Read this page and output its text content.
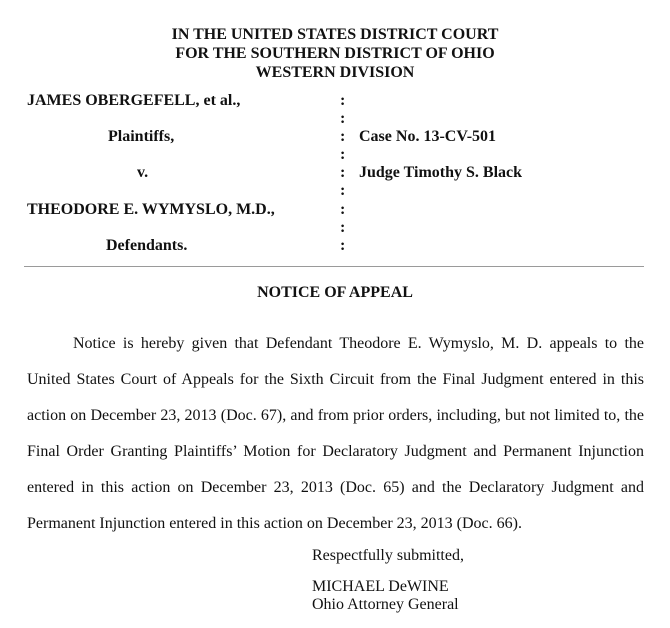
IN THE UNITED STATES DISTRICT COURT
FOR THE SOUTHERN DISTRICT OF OHIO
WESTERN DIVISION
JAMES OBERGEFELL, et al.,
Plaintiffs,
v.
THEODORE E. WYMYSLO, M.D.,
Defendants.
:
:
:
:
:
:
:
:
:
Case No. 13-CV-501
Judge Timothy S. Black
NOTICE OF APPEAL
Notice is hereby given that Defendant Theodore E. Wymyslo, M. D. appeals to the
United States Court of Appeals for the Sixth Circuit from the Final Judgment entered in this
action on December 23, 2013 (Doc. 67), and from prior orders, including, but not limited to, the
Final Order Granting Plaintiffs’ Motion for Declaratory Judgment and Permanent Injunction
entered in this action on December 23, 2013 (Doc. 65) and the Declaratory Judgment and
Permanent Injunction entered in this action on December 23, 2013 (Doc. 66).
Respectfully submitted,
MICHAEL DeWINE
Ohio Attorney General
